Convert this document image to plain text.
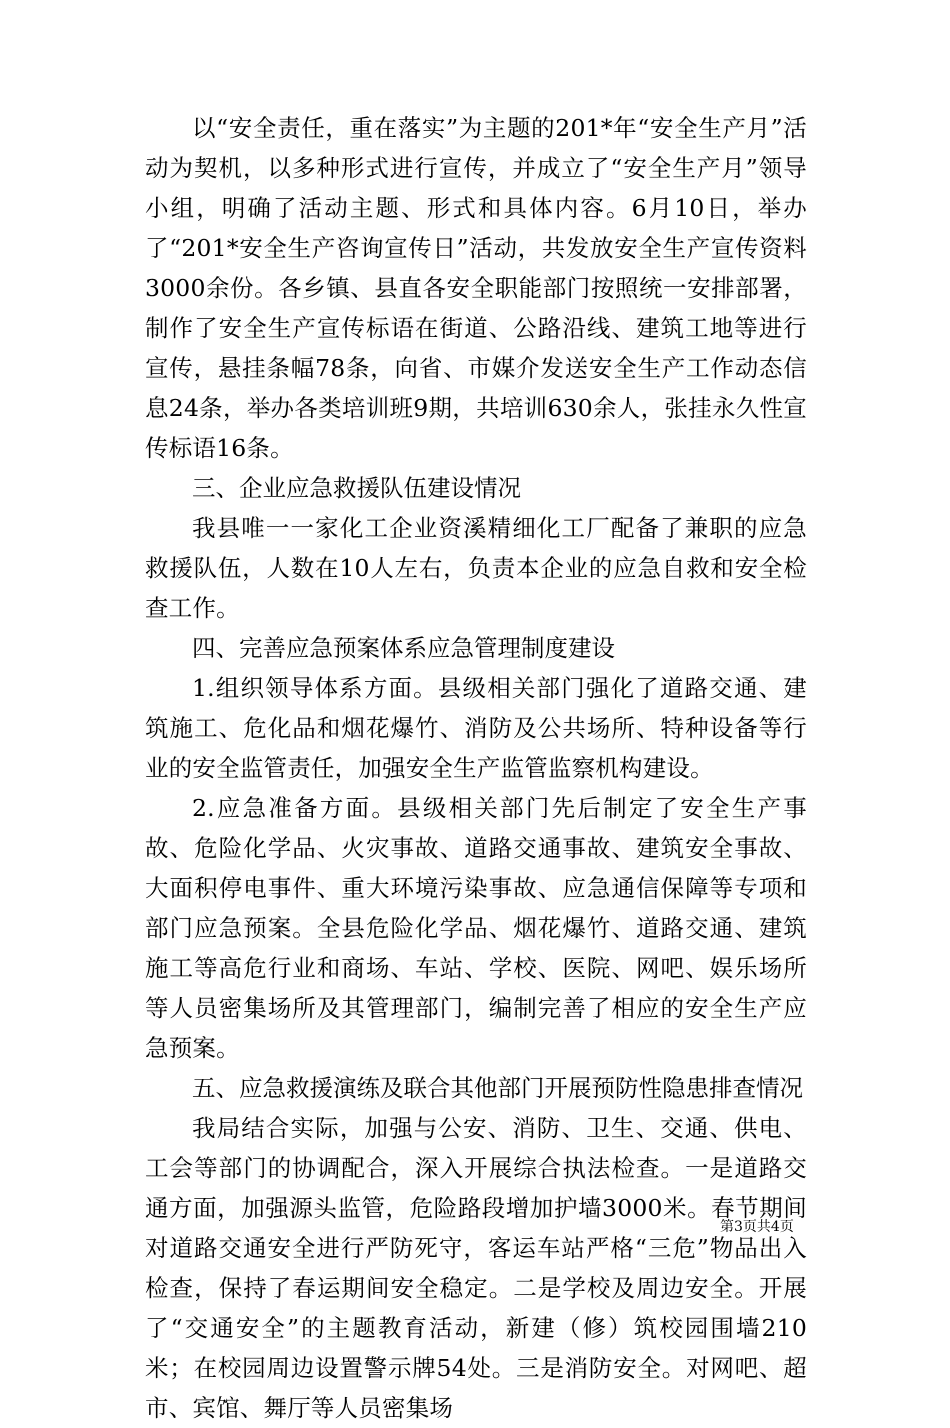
以“安全责任，重在落实”为主题的201*年“安全生产月”活动为契机，以多种形式进行宣传，并成立了“安全生产月”领导小组，明确了活动主题、形式和具体内容。6月10日，举办了“201*安全生产咨询宣传日”活动，共发放安全生产宣传资料3000余份。各乡镇、县直各安全职能部门按照统一安排部署，制作了安全生产宣传标语在街道、公路沿线、建筑工地等进行宣传，悬挂条幅78条，向省、市媒介发送安全生产工作动态信息24条，举办各类培训班9期，共培训630余人，张挂永久性宣传标语16条。

三、企业应急救援队伍建设情况

我县唯一一家化工企业资溪精细化工厂配备了兼职的应急救援队伍，人数在10人左右，负责本企业的应急自救和安全检查工作。

四、完善应急预案体系应急管理制度建设

1.组织领导体系方面。县级相关部门强化了道路交通、建筑施工、危化品和烟花爆竹、消防及公共场所、特种设备等行业的安全监管责任，加强安全生产监管监察机构建设。

2.应急准备方面。县级相关部门先后制定了安全生产事故、危险化学品、火灾事故、道路交通事故、建筑安全事故、大面积停电事件、重大环境污染事故、应急通信保障等专项和部门应急预案。全县危险化学品、烟花爆竹、道路交通、建筑施工等高危行业和商场、车站、学校、医院、网吧、娱乐场所等人员密集场所及其管理部门，编制完善了相应的安全生产应急预案。

五、应急救援演练及联合其他部门开展预防性隐患排查情况

我局结合实际，加强与公安、消防、卫生、交通、供电、工会等部门的协调配合，深入开展综合执法检查。一是道路交通方面，加强源头监管，危险路段增加护墙3000米。春节期间对道路交通安全进行严防死守，客运车站严格“三危”物品出入检查，保持了春运期间安全稳定。二是学校及周边安全。开展了“交通安全”的主题教育活动，新建（修）筑校园围墙210米；在校园周边设置警示牌54处。三是消防安全。对网吧、超市、宾馆、舞厅等人员密集场

第3页共4页
